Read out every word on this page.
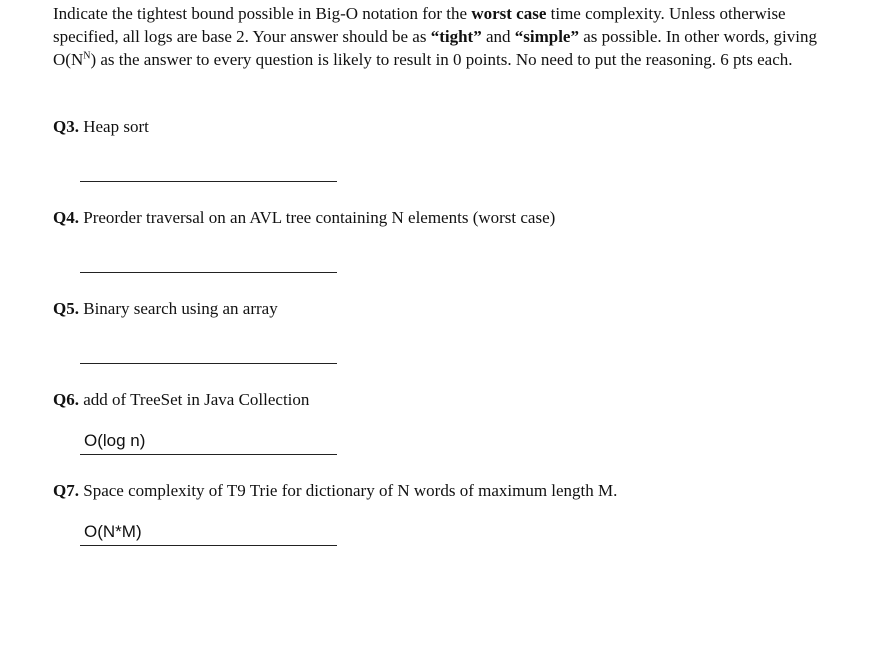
Indicate the tightest bound possible in Big-O notation for the worst case time complexity. Unless otherwise specified, all logs are base 2. Your answer should be as “tight” and “simple” as possible. In other words, giving $O(N^N)$ as the answer to every question is likely to result in 0 points. No need to put the reasoning. 6 pts each.
Q3. Heap sort
Q4. Preorder traversal on an AVL tree containing N elements (worst case)
Q5. Binary search using an array
Q6. add of TreeSet in Java Collection
O(log n)
Q7. Space complexity of T9 Trie for dictionary of N words of maximum length M.
O(N*M)
